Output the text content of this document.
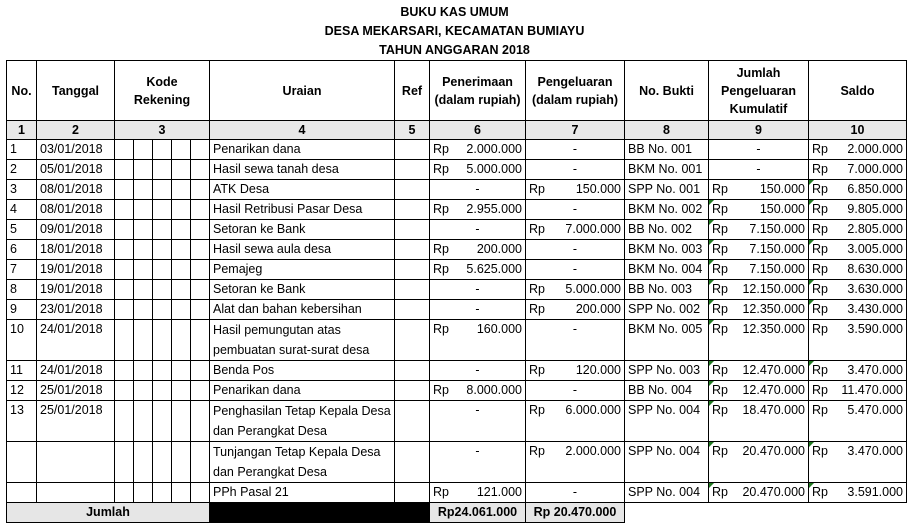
BUKU KAS UMUM
DESA MEKARSARI, KECAMATAN BUMIAYU
TAHUN ANGGARAN 2018
No.	Tanggal	Kode Rekening					Uraian	Ref	Penerimaan (dalam rupiah)	Pengeluaran (dalam rupiah)	No. Bukti	Jumlah Pengeluaran Kumulatif	Saldo
1	2	3					4	5	6	7	8	9	10
1	03/01/2018						Penarikan dana		Rp 2.000.000	-	BB No. 001	-	Rp 2.000.000

2	05/01/2018						Hasil sewa tanah desa		Rp 5.000.000	-	BKM No. 001	-	Rp 7.000.000

3	08/01/2018						ATK Desa		-	Rp 150.000	SPP No. 001	Rp 150.000	Rp 6.850.000

4	08/01/2018						Hasil Retribusi Pasar Desa		Rp 2.955.000	-	BKM No. 002	Rp 150.000	Rp 9.805.000

5	09/01/2018						Setoran ke Bank		-	Rp 7.000.000	BB No. 002	Rp 7.150.000	Rp 2.805.000

6	18/01/2018						Hasil sewa aula desa		Rp 200.000	-	BKM No. 003	Rp 7.150.000	Rp 3.005.000

7	19/01/2018						Pemajeg		Rp 5.625.000	-	BKM No. 004	Rp 7.150.000	Rp 8.630.000

8	19/01/2018						Setoran ke Bank		-	Rp 5.000.000	BB No. 003	Rp 12.150.000	Rp 3.630.000

9	23/01/2018						Alat dan bahan kebersihan		-	Rp 200.000	SPP No. 002	Rp 12.350.000	Rp 3.430.000

10	24/01/2018						Hasil pemungutan atas pembuatan surat-surat desa		Rp 160.000	-	BKM No. 005	Rp 12.350.000	Rp 3.590.000

11	24/01/2018						Benda Pos		-	Rp 120.000	SPP No. 003	Rp 12.470.000	Rp 3.470.000

12	25/01/2018						Penarikan dana		Rp 8.000.000	-	BB No. 004	Rp 12.470.000	Rp 11.470.000

13	25/01/2018						Penghasilan Tetap Kepala Desa dan Perangkat Desa		-	Rp 6.000.000	SPP No. 004	Rp 18.470.000	Rp 5.470.000

							Tunjangan Tetap Kepala Desa dan Perangkat Desa		-	Rp 2.000.000	SPP No. 004	Rp 20.470.000	Rp 3.470.000

							PPh Pasal 21		Rp 121.000	-	SPP No. 004	Rp 20.470.000	Rp 3.591.000

Jumlah									Rp24.061.000	Rp 20.470.000			
